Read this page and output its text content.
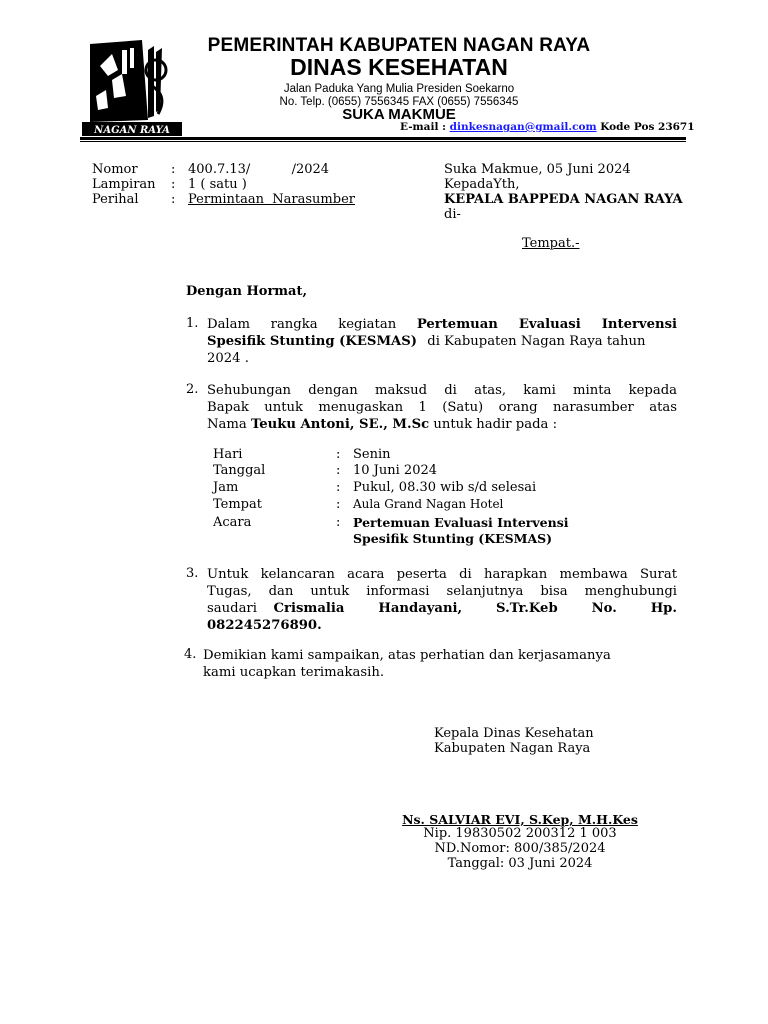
NAGAN RAYA
PEMERINTAH KABUPATEN NAGAN RAYA
DINAS KESEHATAN
Jalan Paduka Yang Mulia Presiden Soekarno
No. Telp. (0655) 7556345 FAX (0655) 7556345
SUKA MAKMUE
E-mail : dinkesnagan@gmail.com Kode Pos 23671
Nomor	: 400.7.13/          /2024
Lampiran : 1 ( satu )
Perihal : Permintaan  Narasumber
Suka Makmue, 05 Juni 2024
KepadaYth,
KEPALA BAPPEDA NAGAN RAYA
di-
Tempat.-
Dengan Hormat,
1. Dalam rangka kegiatan Pertemuan Evaluasi Intervensi
Spesifik Stunting (KESMAS) di Kabupaten Nagan Raya tahun
2024 .
2. Sehubungan dengan maksud di atas, kami minta kepada
Bapak untuk menugaskan 1 (Satu) orang narasumber atas
Nama Teuku Antoni, SE., M.Sc untuk hadir pada :
Hari	: Senin
Tanggal	: 10 Juni 2024
Jam	: Pukul, 08.30 wib s/d selesai
Tempat	: Aula Grand Nagan Hotel
Acara	: Pertemuan Evaluasi Intervensi
Spesifik Stunting (KESMAS)
3. Untuk kelancaran acara peserta di harapkan membawa Surat
Tugas, dan untuk informasi selanjutnya bisa menghubungi
saudari Crismalia  Handayani,  S.Tr.Keb  No.  Hp.
082245276890.
4. Demikian kami sampaikan, atas perhatian dan kerjasamanya
kami ucapkan terimakasih.
Kepala Dinas Kesehatan
Kabupaten Nagan Raya
Ns. SALVIAR EVI, S.Kep, M.H.Kes
Nip. 19830502 200312 1 003
ND.Nomor: 800/385/2024
Tanggal: 03 Juni 2024
